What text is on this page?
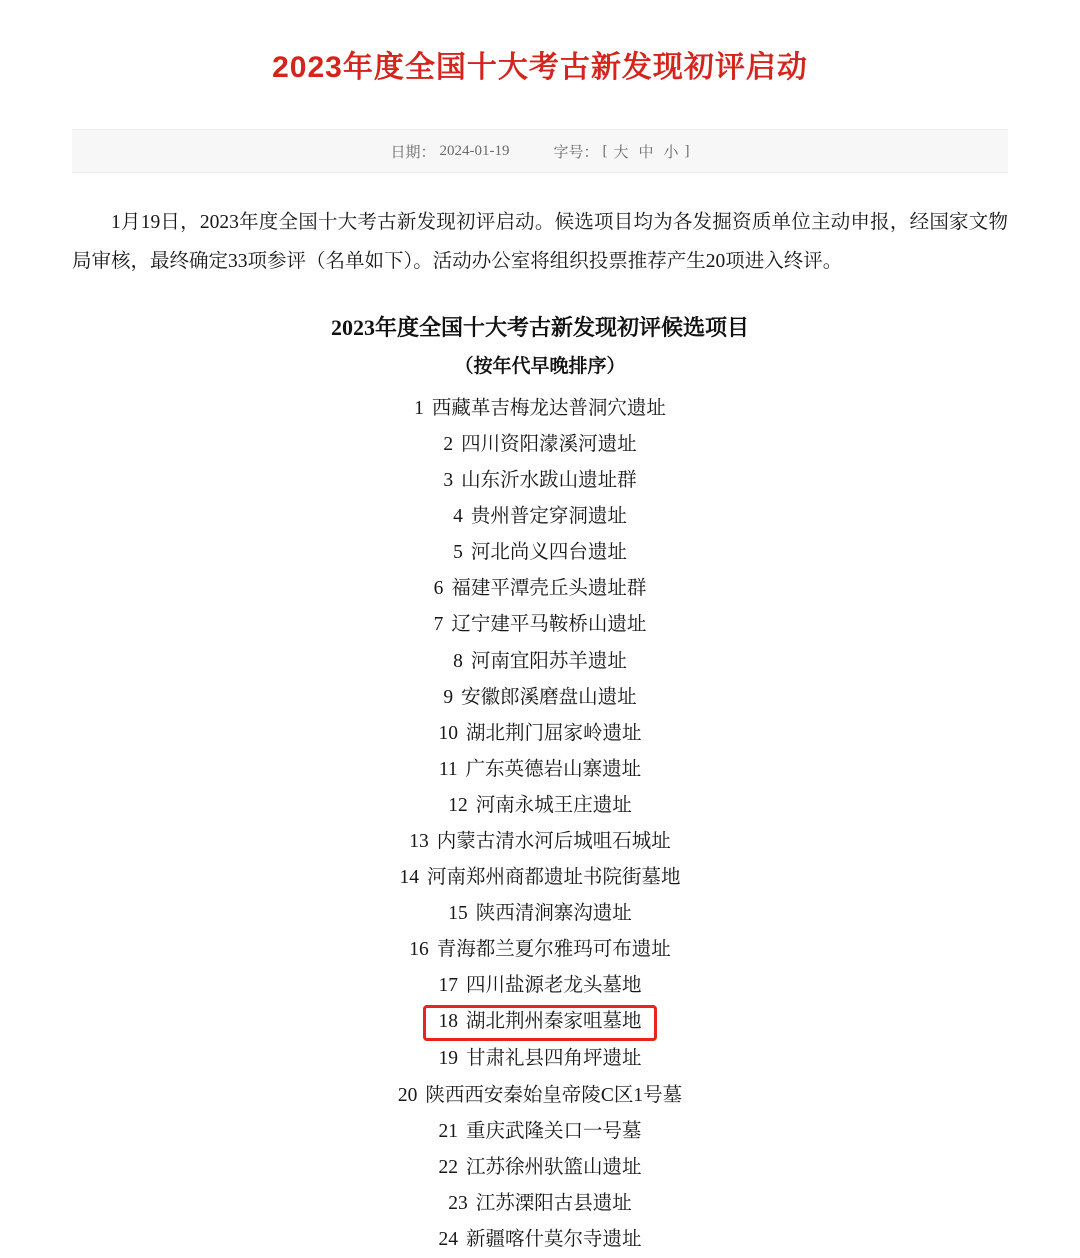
2023年度全国十大考古新发现初评启动
日期： 2024-01-19	字号： [ 大 中 小 ]

1月19日，2023年度全国十大考古新发现初评启动。候选项目均为各发掘资质单位主动申报，经国家文物局审核，最终确定33项参评（名单如下）。活动办公室将组织投票推荐产生20项进入终评。

2023年度全国十大考古新发现初评候选项目
（按年代早晚排序）
1 西藏革吉梅龙达普洞穴遗址
2 四川资阳濛溪河遗址
3 山东沂水跋山遗址群
4 贵州普定穿洞遗址
5 河北尚义四台遗址
6 福建平潭壳丘头遗址群
7 辽宁建平马鞍桥山遗址
8 河南宜阳苏羊遗址
9 安徽郎溪磨盘山遗址
10 湖北荆门屈家岭遗址
11 广东英德岩山寨遗址
12 河南永城王庄遗址
13 内蒙古清水河后城咀石城址
14 河南郑州商都遗址书院街墓地
15 陕西清涧寨沟遗址
16 青海都兰夏尔雅玛可布遗址
17 四川盐源老龙头墓地
18 湖北荆州秦家咀墓地
19 甘肃礼县四角坪遗址
20 陕西西安秦始皇帝陵C区1号墓
21 重庆武隆关口一号墓
22 江苏徐州驮篮山遗址
23 江苏溧阳古县遗址
24 新疆喀什莫尔寺遗址
